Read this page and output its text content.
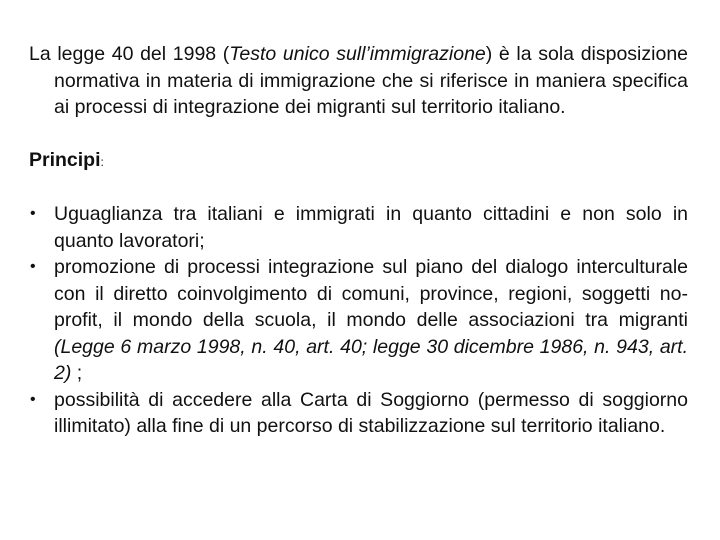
La legge 40 del 1998 (Testo unico sull’immigrazione) è la sola disposizione normativa in materia di immigrazione che si riferisce in maniera specifica ai processi di integrazione dei migranti sul territorio italiano.

Principi:

• Uguaglianza tra italiani e immigrati in quanto cittadini e non solo in quanto lavoratori;
• promozione di processi integrazione sul piano del dialogo interculturale con il diretto coinvolgimento di comuni, province, regioni, soggetti no-profit, il mondo della scuola, il mondo delle associazioni tra migranti (Legge 6 marzo 1998, n. 40, art. 40; legge 30 dicembre 1986, n. 943, art. 2) ;
• possibilità di accedere alla Carta di Soggiorno (permesso di soggiorno illimitato) alla fine di un percorso di stabilizzazione sul territorio italiano.
